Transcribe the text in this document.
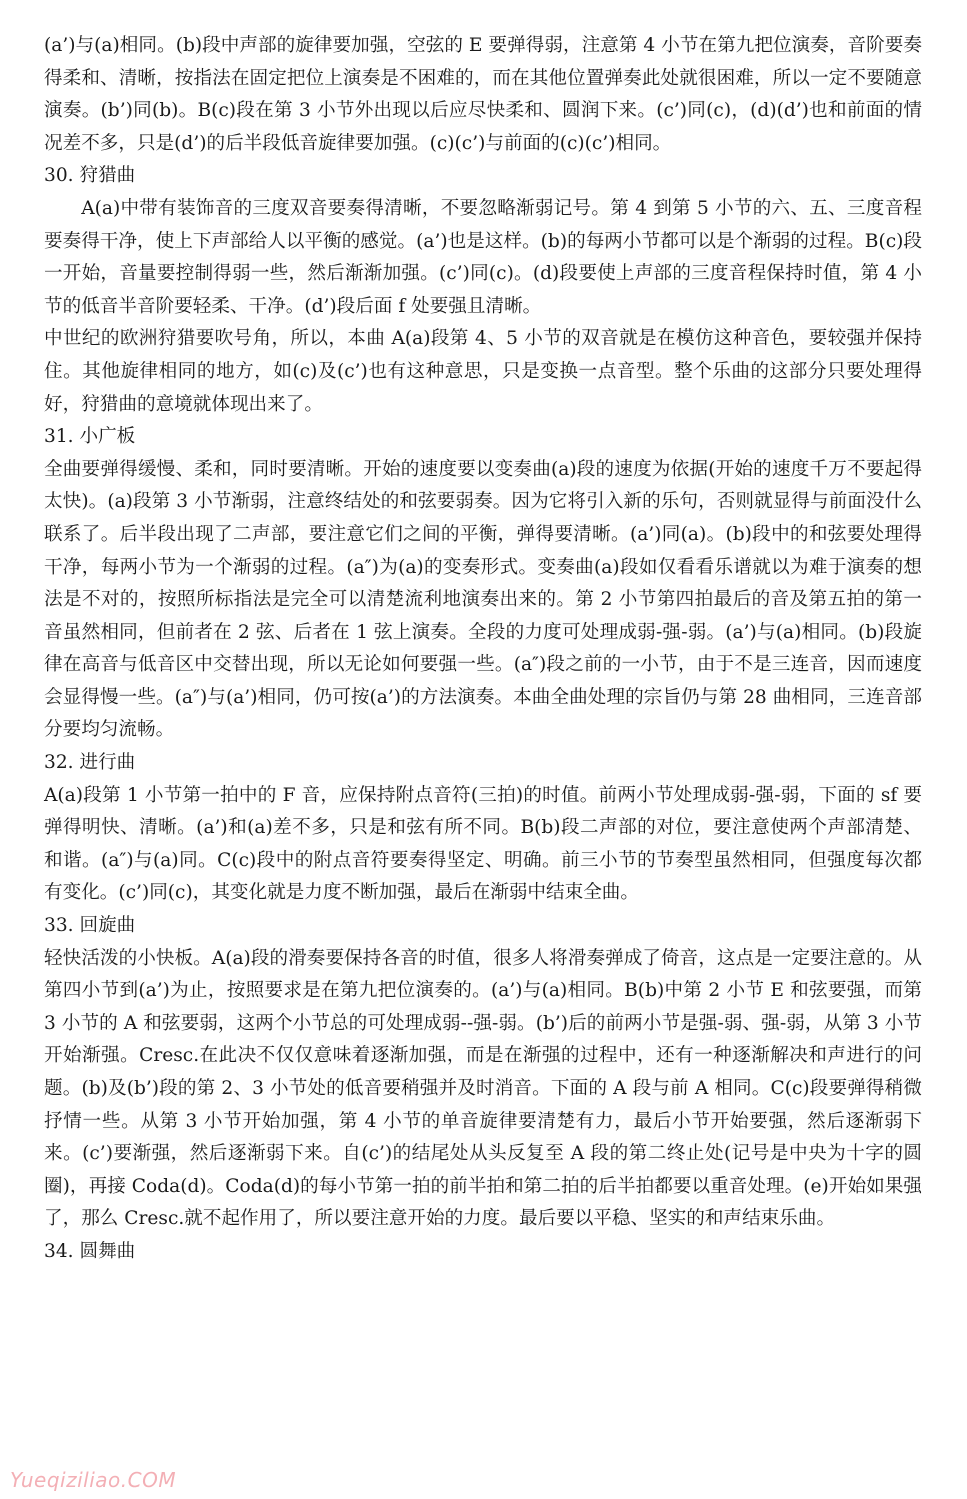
(a’)与(a)相同。(b)段中声部的旋律要加强，空弦的 E 要弹得弱，注意第 4 小节在第九把位演奏，音阶要奏得柔和、清晰，按指法在固定把位上演奏是不困难的，而在其他位置弹奏此处就很困难，所以一定不要随意演奏。(b’)同(b)。B(c)段在第 3 小节外出现以后应尽快柔和、圆润下来。(c’)同(c)，(d)(d’)也和前面的情况差不多，只是(d’)的后半段低音旋律要加强。(c)(c’)与前面的(c)(c’)相同。

30. 狩猎曲

A(a)中带有装饰音的三度双音要奏得清晰，不要忽略渐弱记号。第 4 到第 5 小节的六、五、三度音程要奏得干净，使上下声部给人以平衡的感觉。(a’)也是这样。(b)的每两小节都可以是个渐弱的过程。B(c)段一开始，音量要控制得弱一些，然后渐渐加强。(c’)同(c)。(d)段要使上声部的三度音程保持时值，第 4 小节的低音半音阶要轻柔、干净。(d’)段后面 f 处要强且清晰。

中世纪的欧洲狩猎要吹号角，所以，本曲 A(a)段第 4、5 小节的双音就是在模仿这种音色，要较强并保持住。其他旋律相同的地方，如(c)及(c’)也有这种意思，只是变换一点音型。整个乐曲的这部分只要处理得好，狩猎曲的意境就体现出来了。

31. 小广板

全曲要弹得缓慢、柔和，同时要清晰。开始的速度要以变奏曲(a)段的速度为依据(开始的速度千万不要起得太快)。(a)段第 3 小节渐弱，注意终结处的和弦要弱奏。因为它将引入新的乐句，否则就显得与前面没什么联系了。后半段出现了二声部，要注意它们之间的平衡，弹得要清晰。(a’)同(a)。(b)段中的和弦要处理得干净，每两小节为一个渐弱的过程。(a″)为(a)的变奏形式。变奏曲(a)段如仅看看乐谱就以为难于演奏的想法是不对的，按照所标指法是完全可以清楚流利地演奏出来的。第 2 小节第四拍最后的音及第五拍的第一音虽然相同，但前者在 2 弦、后者在 1 弦上演奏。全段的力度可处理成弱-强-弱。(a’)与(a)相同。(b)段旋律在高音与低音区中交替出现，所以无论如何要强一些。(a″)段之前的一小节，由于不是三连音，因而速度会显得慢一些。(a″)与(a’)相同，仍可按(a’)的方法演奏。本曲全曲处理的宗旨仍与第 28 曲相同，三连音部分要均匀流畅。

32. 进行曲

A(a)段第 1 小节第一拍中的 F 音，应保持附点音符(三拍)的时值。前两小节处理成弱-强-弱，下面的 sf 要弹得明快、清晰。(a’)和(a)差不多，只是和弦有所不同。B(b)段二声部的对位，要注意使两个声部清楚、和谐。(a″)与(a)同。C(c)段中的附点音符要奏得坚定、明确。前三小节的节奏型虽然相同，但强度每次都有变化。(c’)同(c)，其变化就是力度不断加强，最后在渐弱中结束全曲。

33. 回旋曲

轻快活泼的小快板。A(a)段的滑奏要保持各音的时值，很多人将滑奏弹成了倚音，这点是一定要注意的。从第四小节到(a’)为止，按照要求是在第九把位演奏的。(a’)与(a)相同。B(b)中第 2 小节 E 和弦要强，而第 3 小节的 A 和弦要弱，这两个小节总的可处理成弱--强-弱。(b’)后的前两小节是强-弱、强-弱，从第 3 小节开始渐强。Cresc.在此决不仅仅意味着逐渐加强，而是在渐强的过程中，还有一种逐渐解决和声进行的问题。(b)及(b’)段的第 2、3 小节处的低音要稍强并及时消音。下面的 A 段与前 A 相同。C(c)段要弹得稍微抒情一些。从第 3 小节开始加强，第 4 小节的单音旋律要清楚有力，最后小节开始要强，然后逐渐弱下来。(c’)要渐强，然后逐渐弱下来。自(c’)的结尾处从头反复至 A 段的第二终止处(记号是中央为十字的圆圈)，再接 Coda(d)。Coda(d)的每小节第一拍的前半拍和第二拍的后半拍都要以重音处理。(e)开始如果强了，那么 Cresc.就不起作用了，所以要注意开始的力度。最后要以平稳、坚实的和声结束乐曲。

34. 圆舞曲

Yueqiziliao.COM
